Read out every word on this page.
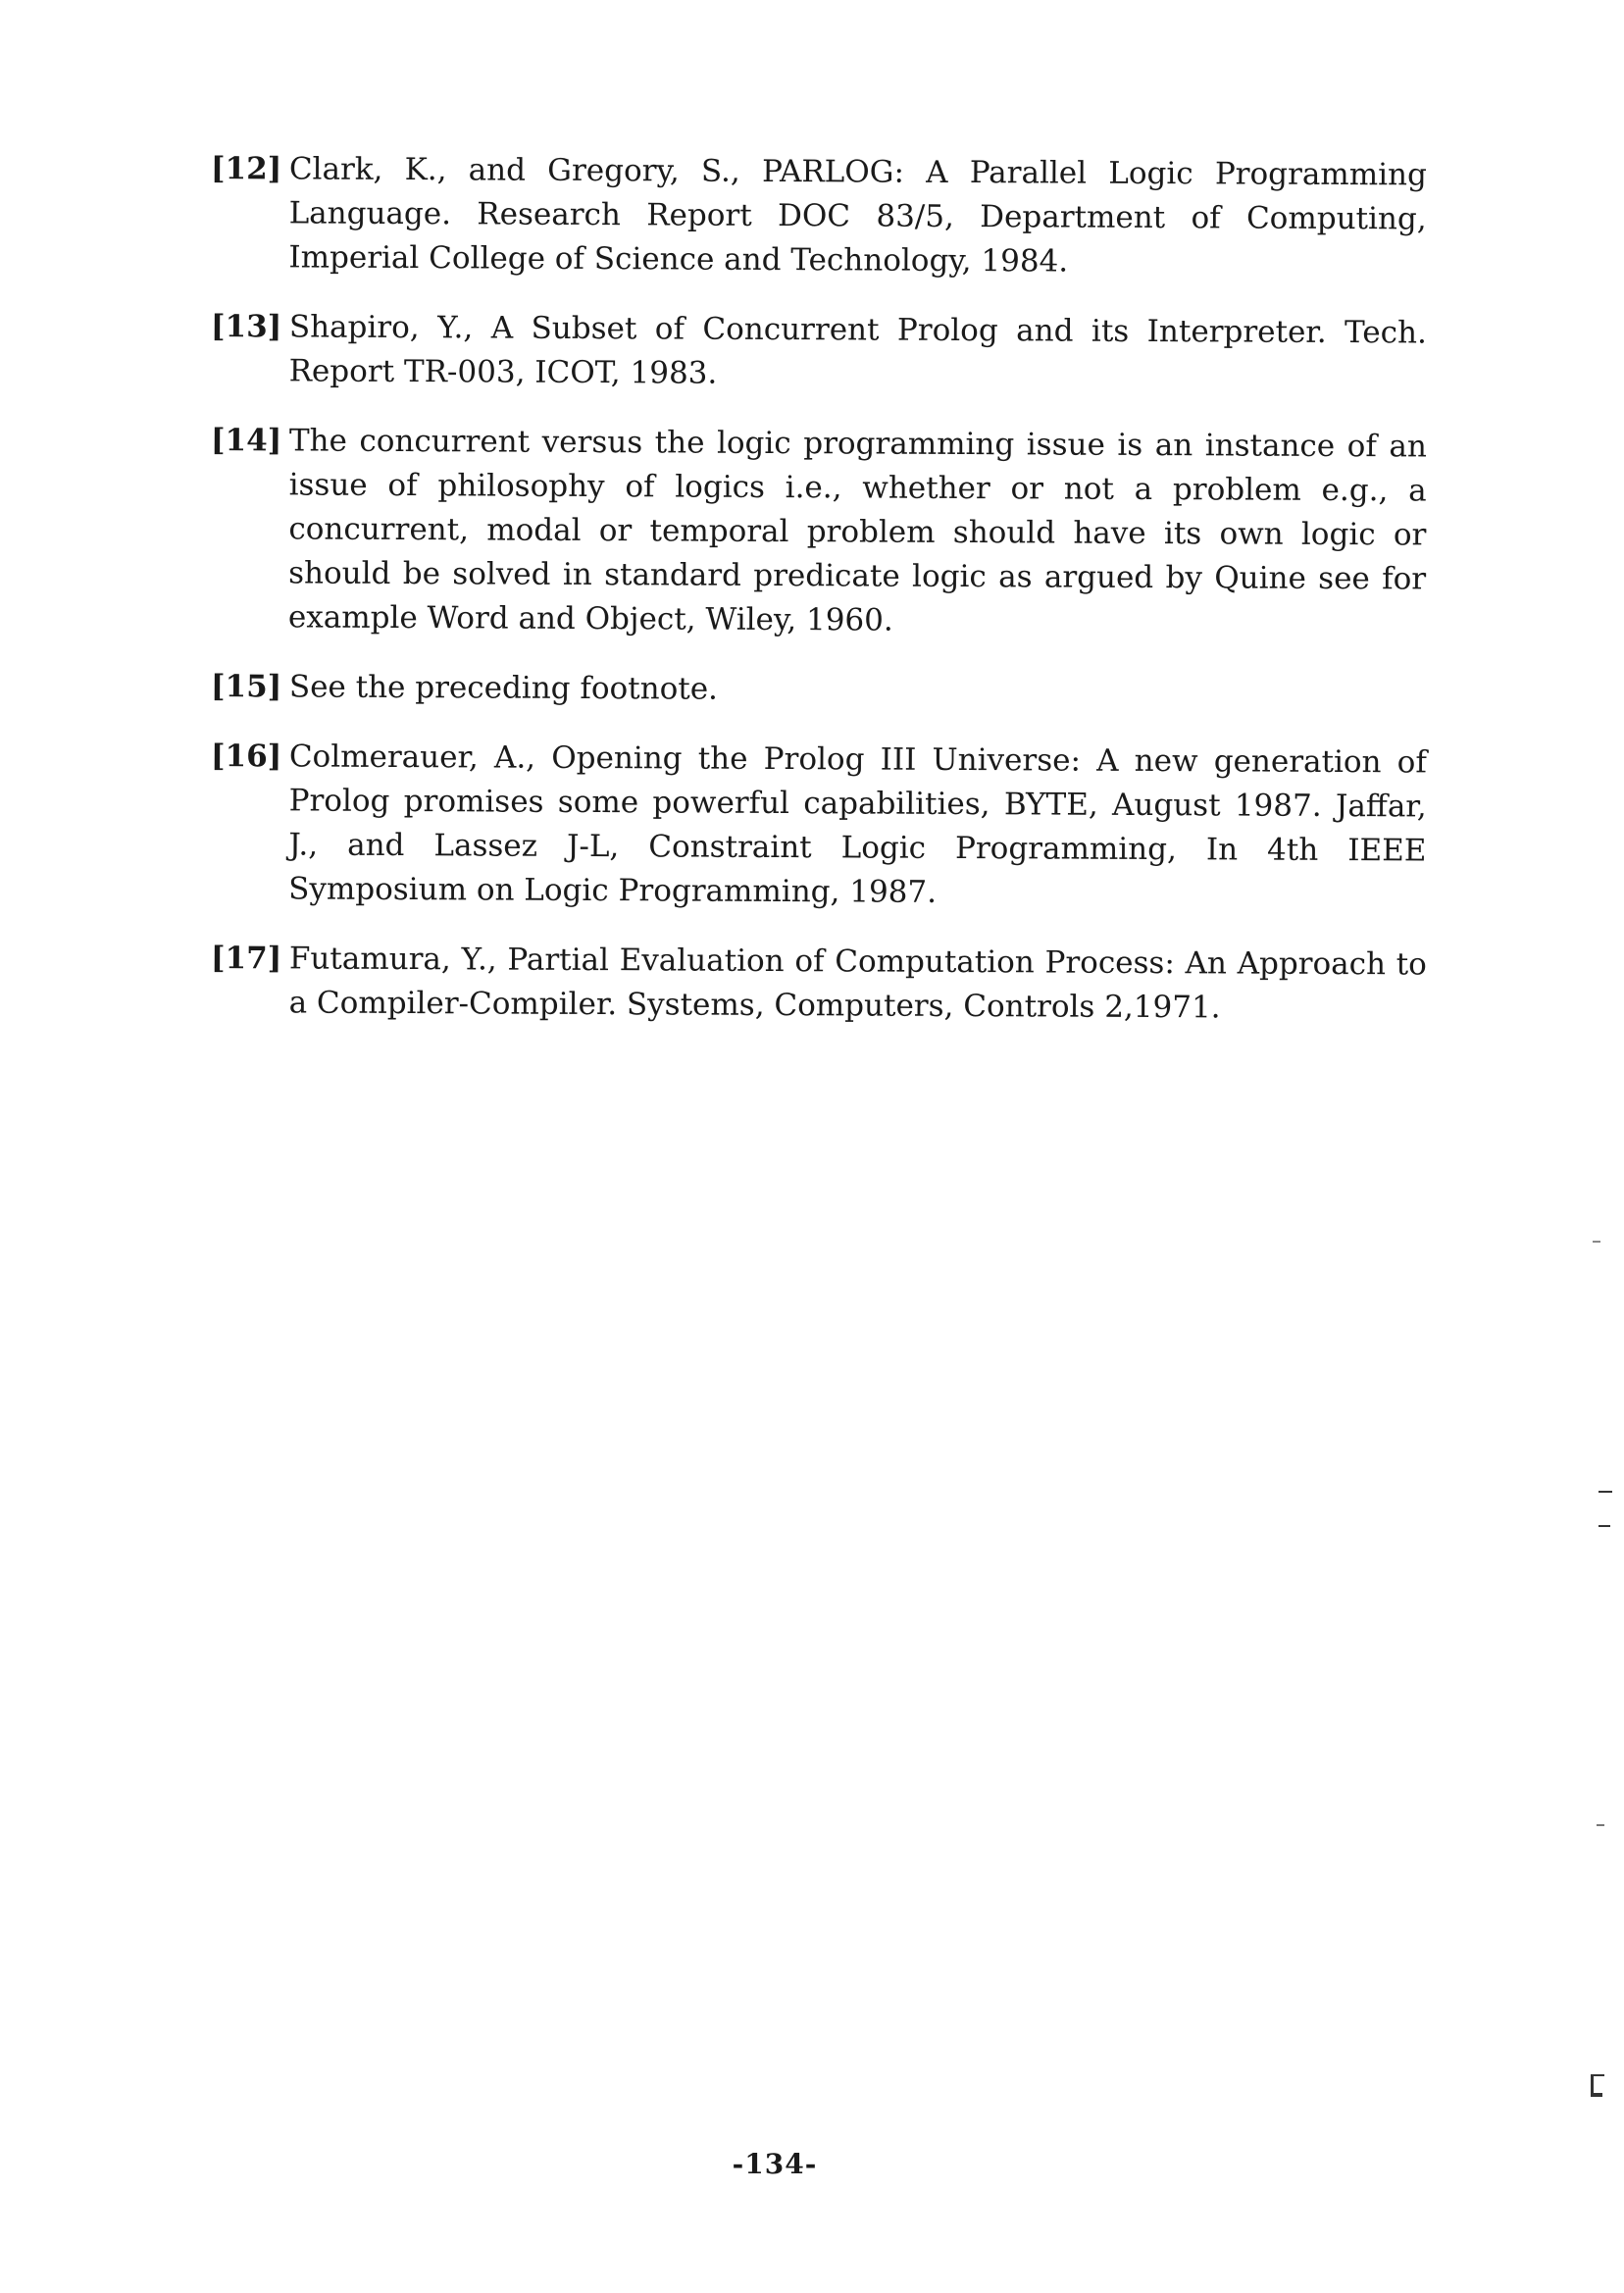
[12] Clark, K., and Gregory, S., PARLOG: A Parallel Logic Programming Language. Research Report DOC 83/5, Department of Computing, Imperial College of Science and Technology, 1984.
[13] Shapiro, Y., A Subset of Concurrent Prolog and its Interpreter. Tech. Report TR-003, ICOT, 1983.
[14] The concurrent versus the logic programming issue is an instance of an issue of philosophy of logics i.e., whether or not a problem e.g., a concurrent, modal or temporal problem should have its own logic or should be solved in standard predicate logic as argued by Quine see for example Word and Object, Wiley, 1960.
[15] See the preceding footnote.
[16] Colmerauer, A., Opening the Prolog III Universe: A new generation of Prolog promises some powerful capabilities, BYTE, August 1987. Jaffar, J., and Lassez J-L, Constraint Logic Programming, In 4th IEEE Symposium on Logic Programming, 1987.
[17] Futamura, Y., Partial Evaluation of Computation Process: An Approach to a Compiler-Compiler. Systems, Computers, Controls 2,1971.
-134-
